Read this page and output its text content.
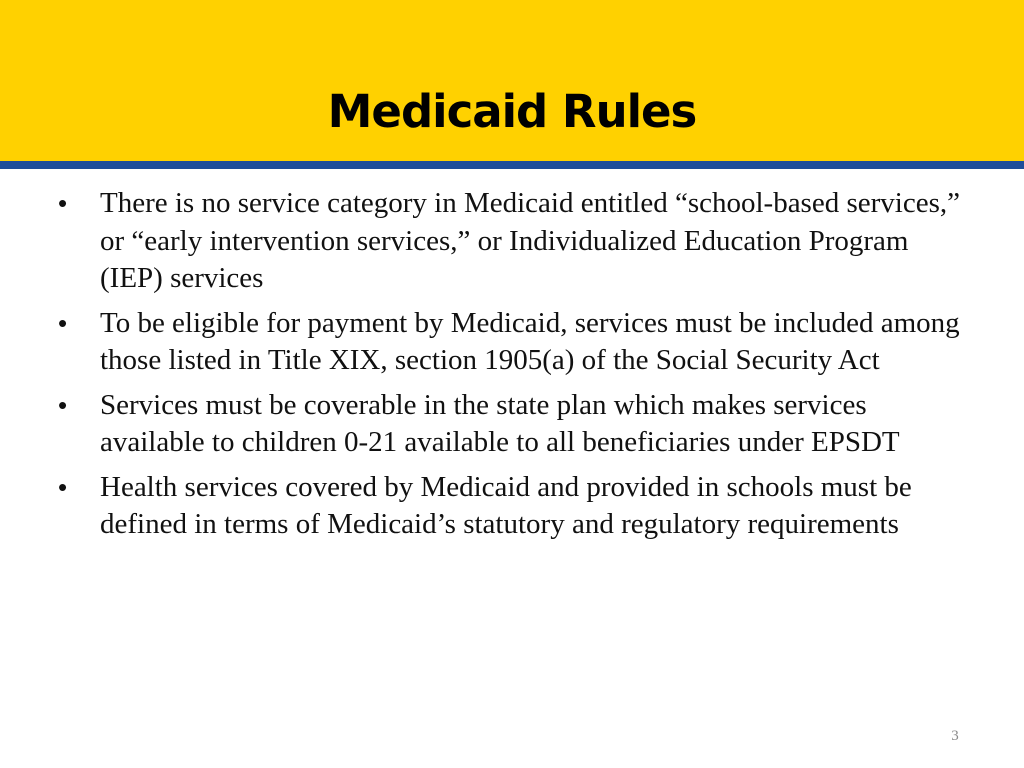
Medicaid Rules
• There is no service category in Medicaid entitled “school-based services,” or “early intervention services,” or Individualized Education Program (IEP) services
• To be eligible for payment by Medicaid, services must be included among those listed in Title XIX, section 1905(a) of the Social Security Act
• Services must be coverable in the state plan which makes services available to children 0-21 available to all beneficiaries under EPSDT
• Health services covered by Medicaid and provided in schools must be defined in terms of Medicaid’s statutory and regulatory requirements
3
